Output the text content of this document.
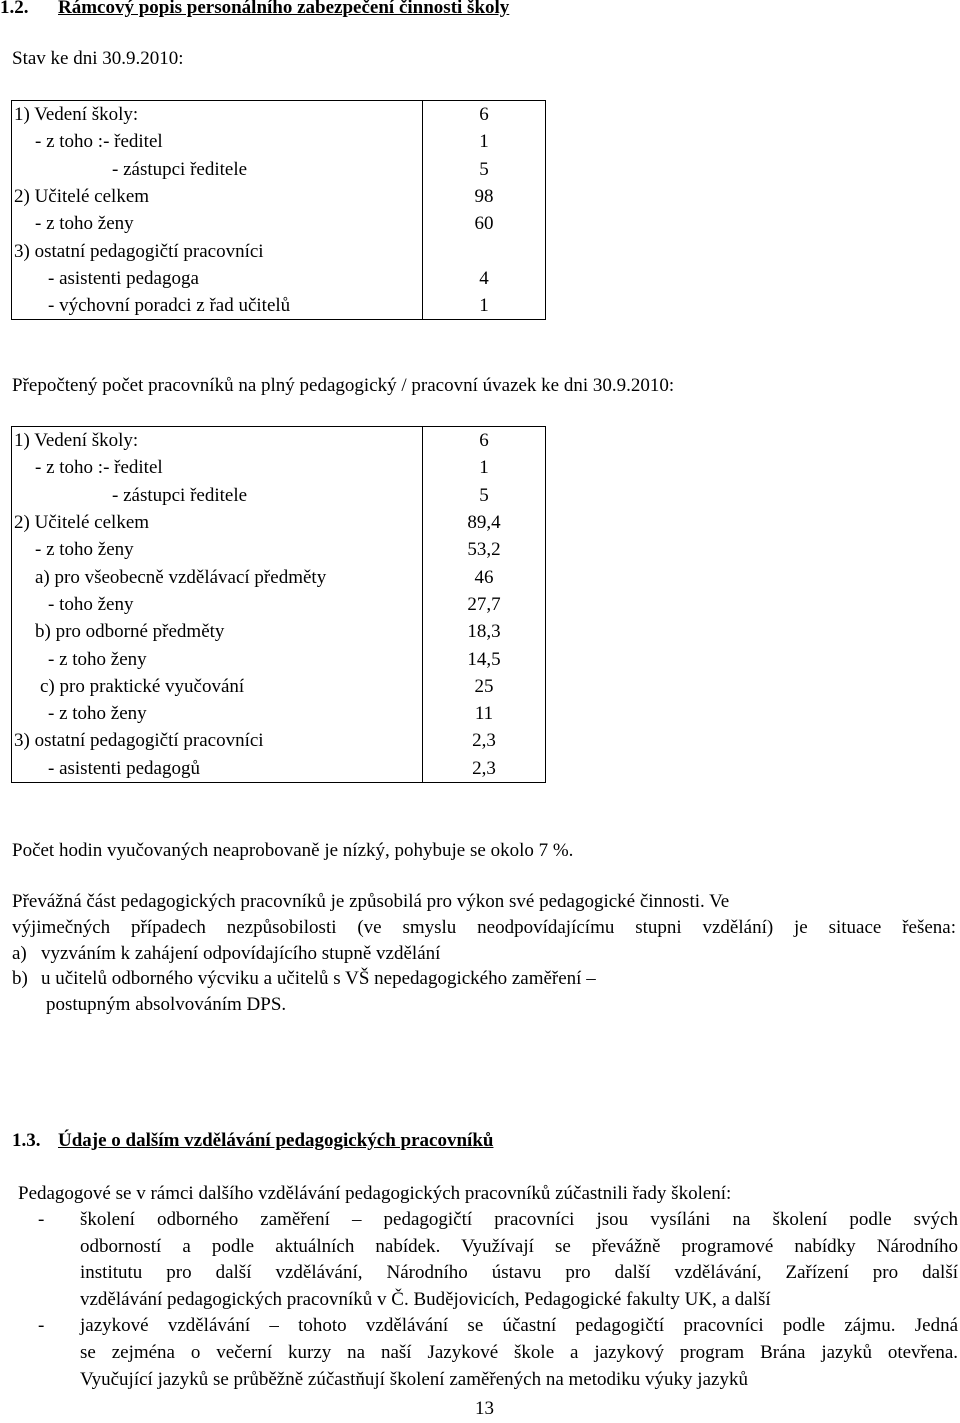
1.2. Rámcový popis personálního zabezpečení činnosti školy
Stav ke dni 30.9.2010:
1) Vedení školy:	6
- z toho :- ředitel	1
- zástupci ředitele	5
2) Učitelé celkem	98
- z toho ženy	60
3) ostatní pedagogičtí pracovníci	
- asistenti pedagoga	4
- výchovní poradci z řad učitelů	1
Přepočtený počet pracovníků na plný pedagogický / pracovní úvazek ke dni 30.9.2010:
1) Vedení školy:	6
- z toho :- ředitel	1
- zástupci ředitele	5
2) Učitelé celkem	89,4
- z toho ženy	53,2
a) pro všeobecně vzdělávací předměty	46
- toho ženy	27,7
b) pro odborné předměty	18,3
- z toho ženy	14,5
c) pro praktické vyučování	25
- z toho ženy	11
3) ostatní pedagogičtí pracovníci	2,3
- asistenti pedagogů	2,3
Počet hodin vyučovaných neaprobovaně je nízký, pohybuje se okolo 7 %.
Převážná část pedagogických pracovníků je způsobilá pro výkon své pedagogické činnosti. Ve
výjimečných případech nezpůsobilosti (ve smyslu neodpovídajícímu stupni vzdělání) je situace řešena:
a) vyzváním k zahájení odpovídajícího stupně vzdělání
b) u učitelů odborného výcviku a učitelů s VŠ nepedagogického zaměření –
postupným absolvováním DPS.
1.3. Údaje o dalším vzdělávání pedagogických pracovníků
Pedagogové se v rámci dalšího vzdělávání pedagogických pracovníků zúčastnili řady školení:
- školení odborného zaměření – pedagogičtí pracovníci jsou vysíláni na školení podle svých
odborností a podle aktuálních nabídek. Využívají se převážně programové nabídky Národního
institutu pro další vzdělávání, Národního ústavu pro další vzdělávání, Zařízení pro další
vzdělávání pedagogických pracovníků v Č. Budějovicích, Pedagogické fakulty UK, a další
- jazykové vzdělávání – tohoto vzdělávání se účastní pedagogičtí pracovníci podle zájmu. Jedná
se zejména o večerní kurzy na naší Jazykové škole a jazykový program Brána jazyků otevřena.
Vyučující jazyků se průběžně zúčastňují školení zaměřených na metodiku výuky jazyků
13
